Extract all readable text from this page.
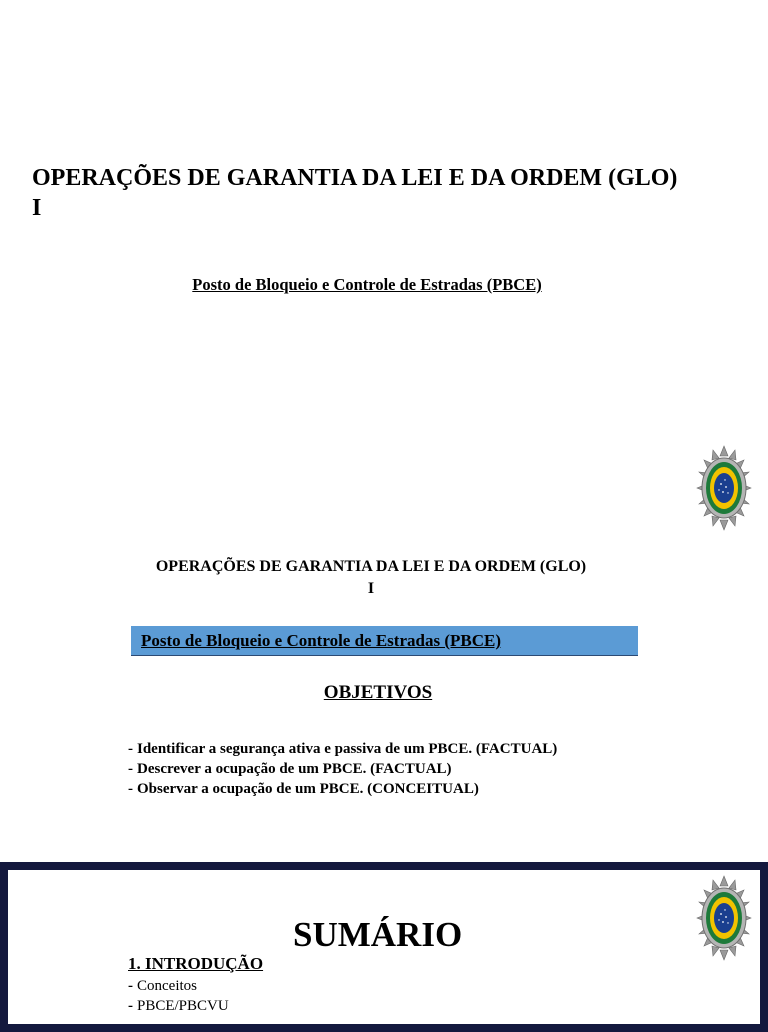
OPERAÇÕES DE GARANTIA DA LEI E DA ORDEM (GLO)
I
Posto de Bloqueio e Controle de Estradas (PBCE)
OPERAÇÕES DE GARANTIA DA LEI E DA ORDEM (GLO)
I
Posto de Bloqueio e Controle de Estradas (PBCE)
OBJETIVOS
- Identificar a segurança ativa e passiva de um PBCE. (FACTUAL)
- Descrever a ocupação de um PBCE. (FACTUAL)
- Observar a ocupação de um PBCE. (CONCEITUAL)
SUMÁRIO
1. INTRODUÇÃO
- Conceitos
- PBCE/PBCVU
